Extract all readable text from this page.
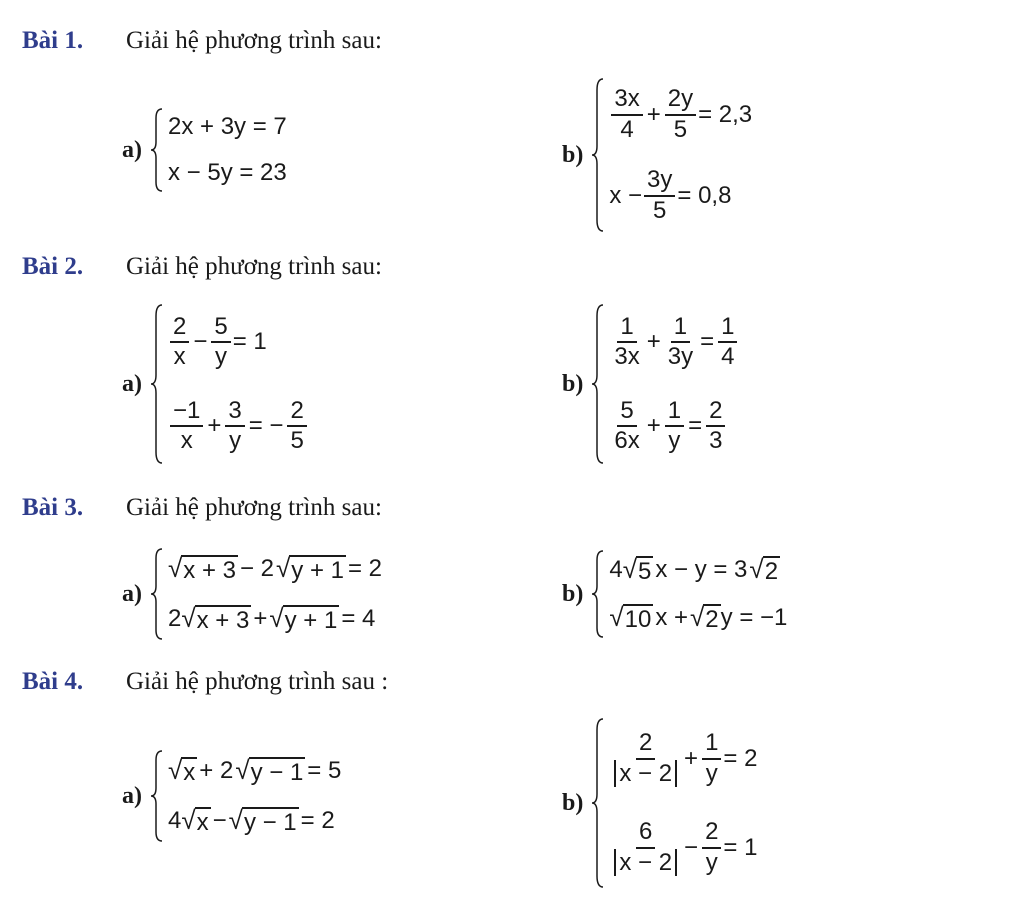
Bài 1. Giải hệ phương trình sau:
a)
2x + 3y
= 7
x − 5y
= 23
b)
3x
4
+ $\frac{2y}{5} = 2,3$
$x - \frac{3y}{5} = 0,8$
Bài 2. Giải hệ phương trình sau:
a)
2
x
− $\frac{5}{y} = 1$
−1
x
+ $\frac{3}{y}$ = − $\frac{2}{5}$
b)
1
3x
+ $\frac{1}{3y} = \frac{1}{4}$
5
6x
+ $\frac{1}{y} = \frac{2}{3}$
Bài 3. Giải hệ phương trình sau:
a)
√ x + 3 − 2 √ y + 1 = 2
2 √ x + 3 + √ y + 1 = 4
b)
4 √ 5 x − y = 3 √ 2
√ 10 x + √ 2 y = −1
Bài 4. Giải hệ phương trình sau :
a)
√ x + 2 √ y − 1 = 5
4 √ x − √ y − 1 = 2
b)
2
x − 2
+ $\frac{1}{y} = 2$
6
x − 2
− $\frac{2}{y} = 1$
